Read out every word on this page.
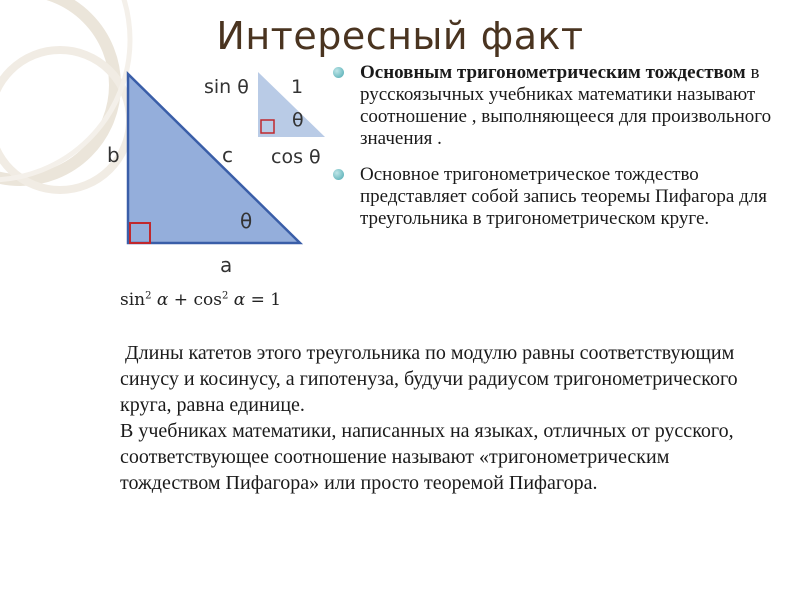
Интересный факт
b	c
θ
a
sin θ 1
θ
cos θ
$\sin^2 \alpha + \cos^2 \alpha = 1$
Основным тригонометрическим тождеством в русскоязычных учебниках математики называют соотношение , выполняющееся для произвольного значения .
Основное тригонометрическое тождество представляет собой запись теоремы Пифагора для треугольника в тригонометрическом круге.

Длины катетов этого треугольника по модулю равны соответствующим синусу и косинусу, а гипотенуза, будучи радиусом тригонометрического круга, равна единице.

В учебниках математики, написанных на языках, отличных от русского, соответствующее соотношение называют «тригонометрическим тождеством Пифагора» или просто теоремой Пифагора.
